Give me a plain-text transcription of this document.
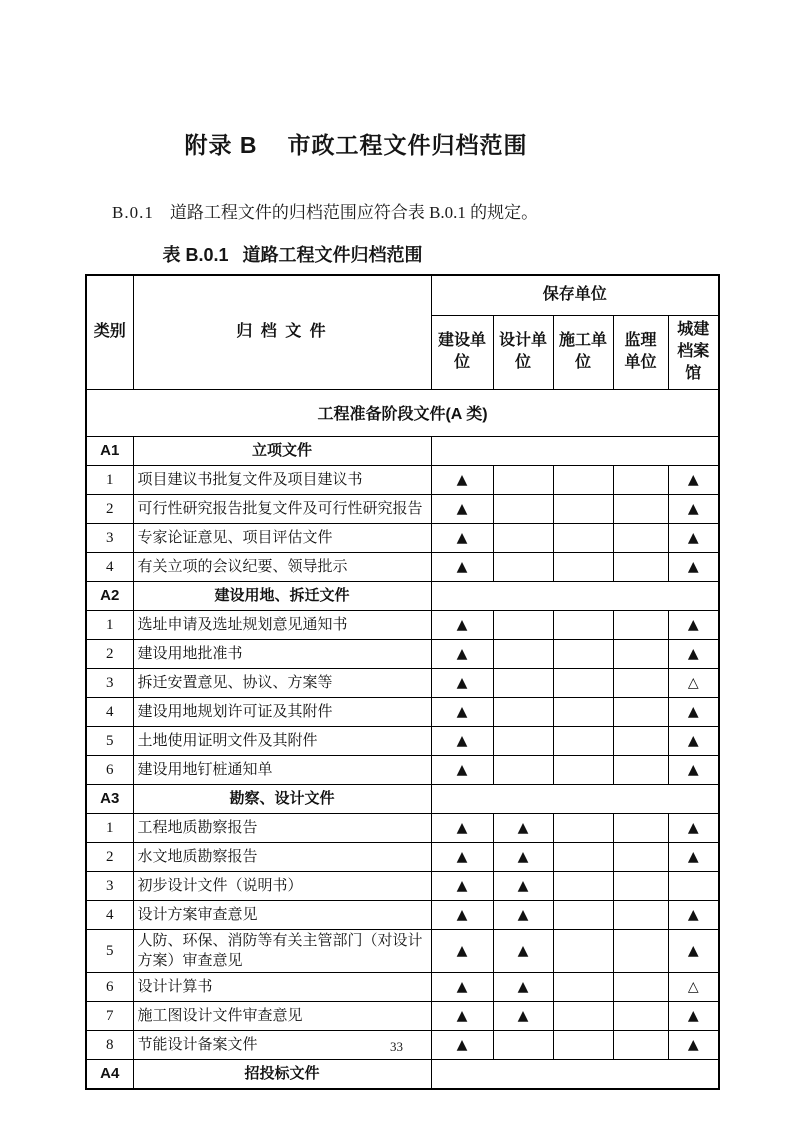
附录 B 市政工程文件归档范围
B.0.1 道路工程文件的归档范围应符合表 B.0.1 的规定。
表 B.0.1 道路工程文件归档范围
类别	归 档 文 件	保存单位				
		建设单位	设计单位	施工单位	监理单位	城建档案馆
工程准备阶段文件(A 类)						
A1	立项文件					
1	项目建议书批复文件及项目建议书	▲				▲
2	可行性研究报告批复文件及可行性研究报告	▲				▲
3	专家论证意见、项目评估文件	▲				▲
4	有关立项的会议纪要、领导批示	▲				▲
A2	建设用地、拆迁文件					
1	选址申请及选址规划意见通知书	▲				▲
2	建设用地批准书	▲				▲
3	拆迁安置意见、协议、方案等	▲				△
4	建设用地规划许可证及其附件	▲				▲
5	土地使用证明文件及其附件	▲				▲
6	建设用地钉桩通知单	▲				▲
A3	勘察、设计文件					
1	工程地质勘察报告	▲	▲			▲
2	水文地质勘察报告	▲	▲			▲
3	初步设计文件（说明书）	▲	▲			
4	设计方案审查意见	▲	▲			▲
5	人防、环保、消防等有关主管部门（对设计方案）审查意见	▲	▲			▲
6	设计计算书	▲	▲			△
7	施工图设计文件审查意见	▲	▲			▲
8	节能设计备案文件	▲				▲
A4	招投标文件					
33
